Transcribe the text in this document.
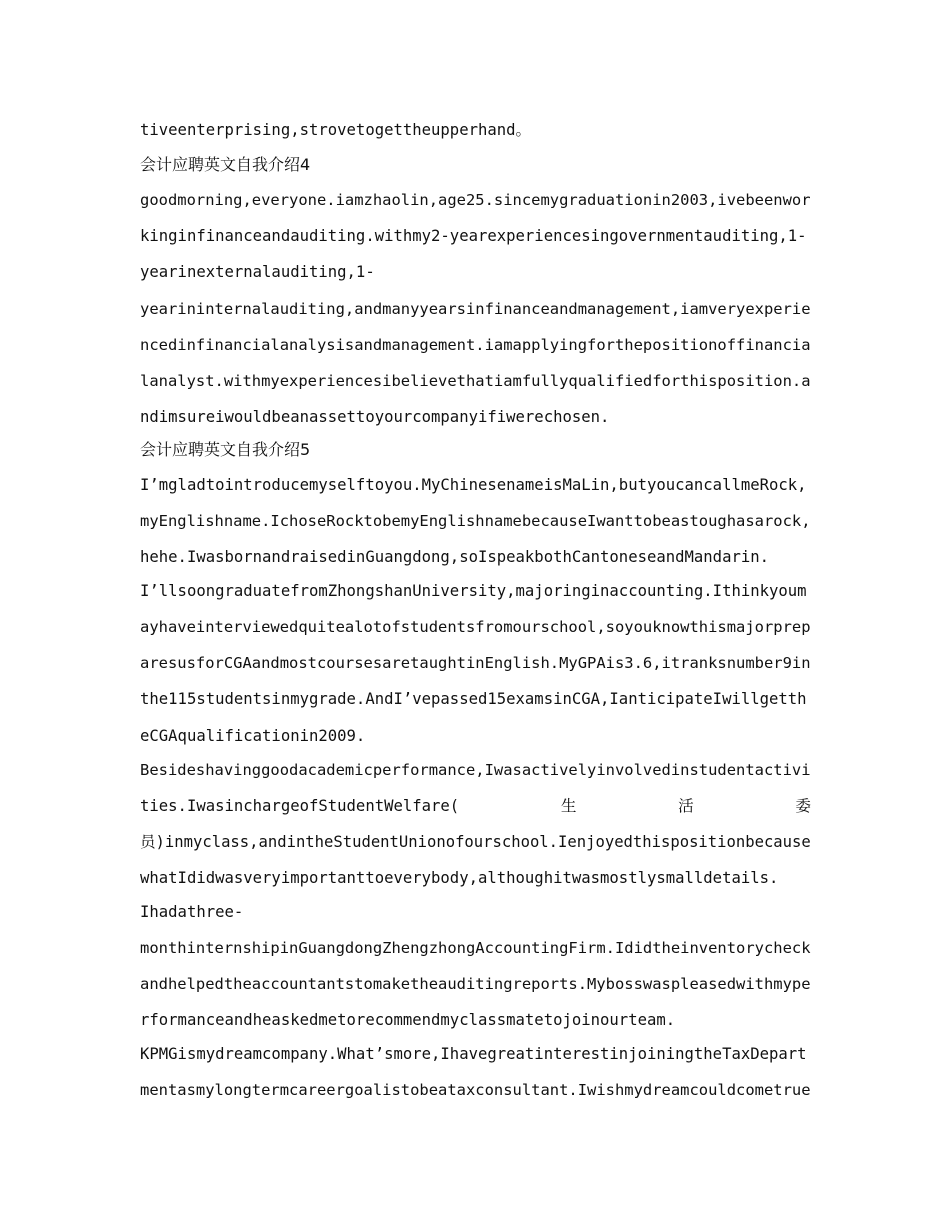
tiveenterprising,strovetogettheupperhand。
会计应聘英文自我介绍4
goodmorning,everyone.iamzhaolin,age25.sincemygraduationin2003,ivebeenwor
kinginfinanceandauditing.withmy2-yearexperiencesingovernmentauditing,1-
yearinexternalauditing,1-
yearininternalauditing,andmanyyearsinfinanceandmanagement,iamveryexperie
ncedinfinancialanalysisandmanagement.iamapplyingforthepositionoffinancia
lanalyst.withmyexperiencesibelievethatiamfullyqualifiedforthisposition.a
ndimsureiwouldbeanassettoyourcompanyifiwerechosen.
会计应聘英文自我介绍5
I’mgladtointroducemyselftoyou.MyChinesenameisMaLin,butyoucancallmeRock,
myEnglishname.IchoseRocktobemyEnglishnamebecauseIwanttobeastoughasarock,
hehe.IwasbornandraisedinGuangdong,soIspeakbothCantoneseandMandarin.
I’llsoongraduatefromZhongshanUniversity,majoringinaccounting.Ithinkyoum
ayhaveinterviewedquitealotofstudentsfromourschool,soyouknowthismajorprep
aresusforCGAandmostcoursesaretaughtinEnglish.MyGPAis3.6,itranksnumber9in
the115studentsinmygrade.AndI’vepassed15examsinCGA,IanticipateIwillgetth
eCGAqualificationin2009.
Besideshavinggoodacademicperformance,Iwasactivelyinvolvedinstudentactivi
ties.IwasinchargeofStudentWelfare(	生	活	委
员)inmyclass,andintheStudentUnionofourschool.Ienjoyedthispositionbecause
whatIdidwasveryimportanttoeverybody,althoughitwasmostlysmalldetails.
Ihadathree-
monthinternshipinGuangdongZhengzhongAccountingFirm.Ididtheinventorycheck
andhelpedtheaccountantstomaketheauditingreports.Mybosswaspleasedwithmype
rformanceandheaskedmetorecommendmyclassmatetojoinourteam.
KPMGismydreamcompany.What’smore,IhavegreatinterestinjoiningtheTaxDepart
mentasmylongtermcareergoalistobeataxconsultant.Iwishmydreamcouldcometrue
